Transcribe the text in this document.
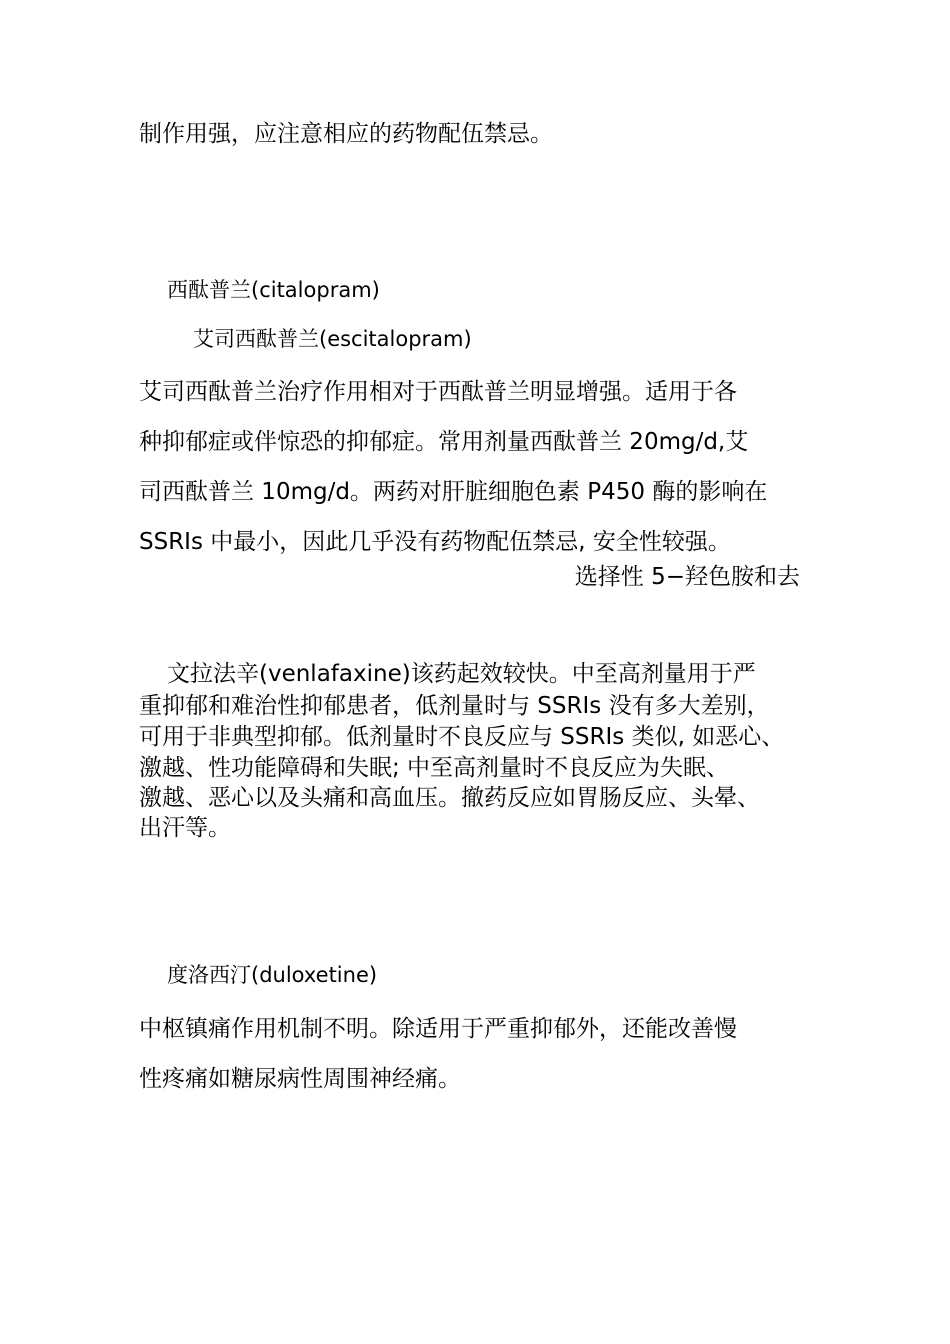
制作用强，应注意相应的药物配伍禁忌。
西酞普兰(citalopram)
艾司西酞普兰(escitalopram)
艾司西酞普兰治疗作用相对于西酞普兰明显增强。适用于各
种抑郁症或伴惊恐的抑郁症。常用剂量西酞普兰 20mg/d,艾
司西酞普兰 10mg/d。两药对肝脏细胞色素 P450 酶的影响在
SSRIs 中最小，因此几乎没有药物配伍禁忌, 安全性较强。
选择性 5−羟色胺和去
文拉法辛(venlafaxine)该药起效较快。中至高剂量用于严
重抑郁和难治性抑郁患者，低剂量时与 SSRIs 没有多大差别，
可用于非典型抑郁。低剂量时不良反应与 SSRIs 类似, 如恶心、
激越、性功能障碍和失眠; 中至高剂量时不良反应为失眠、
激越、恶心以及头痛和高血压。撤药反应如胃肠反应、头晕、
出汗等。
度洛西汀(duloxetine)
中枢镇痛作用机制不明。除适用于严重抑郁外，还能改善慢
性疼痛如糖尿病性周围神经痛。
